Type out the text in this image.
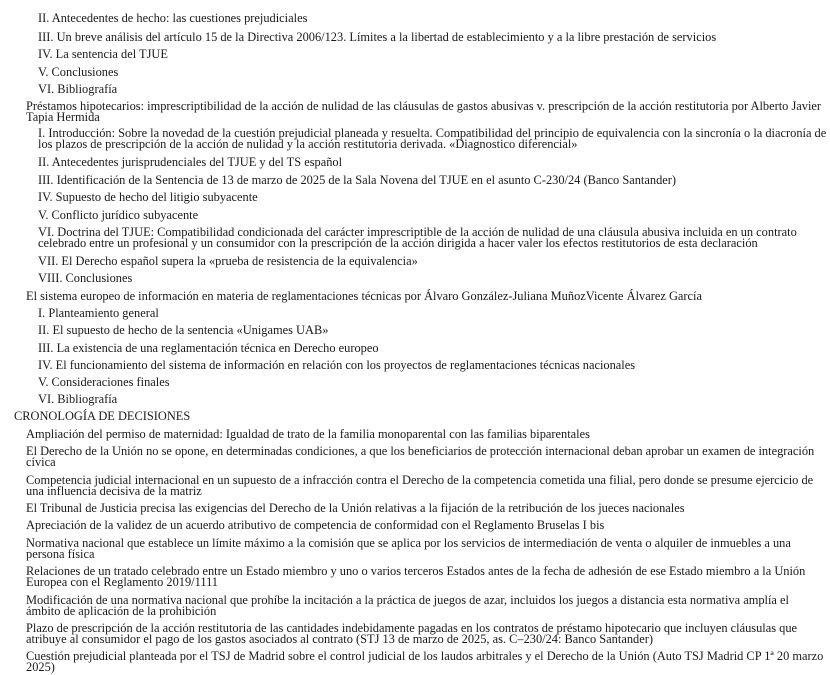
II. Antecedentes de hecho: las cuestiones prejudiciales
III. Un breve análisis del artículo 15 de la Directiva 2006/123. Límites a la libertad de establecimiento y a la libre prestación de servicios
IV. La sentencia del TJUE
V. Conclusiones
VI. Bibliografía
Préstamos hipotecarios: imprescriptibilidad de la acción de nulidad de las cláusulas de gastos abusivas v. prescripción de la acción restitutoria por Alberto Javier Tapia Hermida
I. Introducción: Sobre la novedad de la cuestión prejudicial planeada y resuelta. Compatibilidad del principio de equivalencia con la sincronía o la diacronía de los plazos de prescripción de la acción de nulidad y la acción restitutoria derivada. «Diagnostico diferencial»
II. Antecedentes jurisprudenciales del TJUE y del TS español
III. Identificación de la Sentencia de 13 de marzo de 2025 de la Sala Novena del TJUE en el asunto C-230/24 (Banco Santander)
IV. Supuesto de hecho del litigio subyacente
V. Conflicto jurídico subyacente
VI. Doctrina del TJUE: Compatibilidad condicionada del carácter imprescriptible de la acción de nulidad de una cláusula abusiva incluida en un contrato celebrado entre un profesional y un consumidor con la prescripción de la acción dirigida a hacer valer los efectos restitutorios de esta declaración
VII. El Derecho español supera la «prueba de resistencia de la equivalencia»
VIII. Conclusiones
El sistema europeo de información en materia de reglamentaciones técnicas por Álvaro González-Juliana MuñozVicente Álvarez García
I. Planteamiento general
II. El supuesto de hecho de la sentencia «Unigames UAB»
III. La existencia de una reglamentación técnica en Derecho europeo
IV. El funcionamiento del sistema de información en relación con los proyectos de reglamentaciones técnicas nacionales
V. Consideraciones finales
VI. Bibliografía
CRONOLOGÍA DE DECISIONES
Ampliación del permiso de maternidad: Igualdad de trato de la familia monoparental con las familias biparentales
El Derecho de la Unión no se opone, en determinadas condiciones, a que los beneficiarios de protección internacional deban aprobar un examen de integración cívica
Competencia judicial internacional en un supuesto de a infracción contra el Derecho de la competencia cometida una filial, pero donde se presume ejercicio de una influencia decisiva de la matriz
El Tribunal de Justicia precisa las exigencias del Derecho de la Unión relativas a la fijación de la retribución de los jueces nacionales
Apreciación de la validez de un acuerdo atributivo de competencia de conformidad con el Reglamento Bruselas I bis
Normativa nacional que establece un límite máximo a la comisión que se aplica por los servicios de intermediación de venta o alquiler de inmuebles a una persona física
Relaciones de un tratado celebrado entre un Estado miembro y uno o varios terceros Estados antes de la fecha de adhesión de ese Estado miembro a la Unión Europea con el Reglamento 2019/1111
Modificación de una normativa nacional que prohíbe la incitación a la práctica de juegos de azar, incluidos los juegos a distancia esta normativa amplía el ámbito de aplicación de la prohibición
Plazo de prescripción de la acción restitutoria de las cantidades indebidamente pagadas en los contratos de préstamo hipotecario que incluyen cláusulas que atribuye al consumidor el pago de los gastos asociados al contrato (STJ 13 de marzo de 2025, as. C–230/24: Banco Santander)
Cuestión prejudicial planteada por el TSJ de Madrid sobre el control judicial de los laudos arbitrales y el Derecho de la Unión (Auto TSJ Madrid CP 1ª 20 marzo 2025)
